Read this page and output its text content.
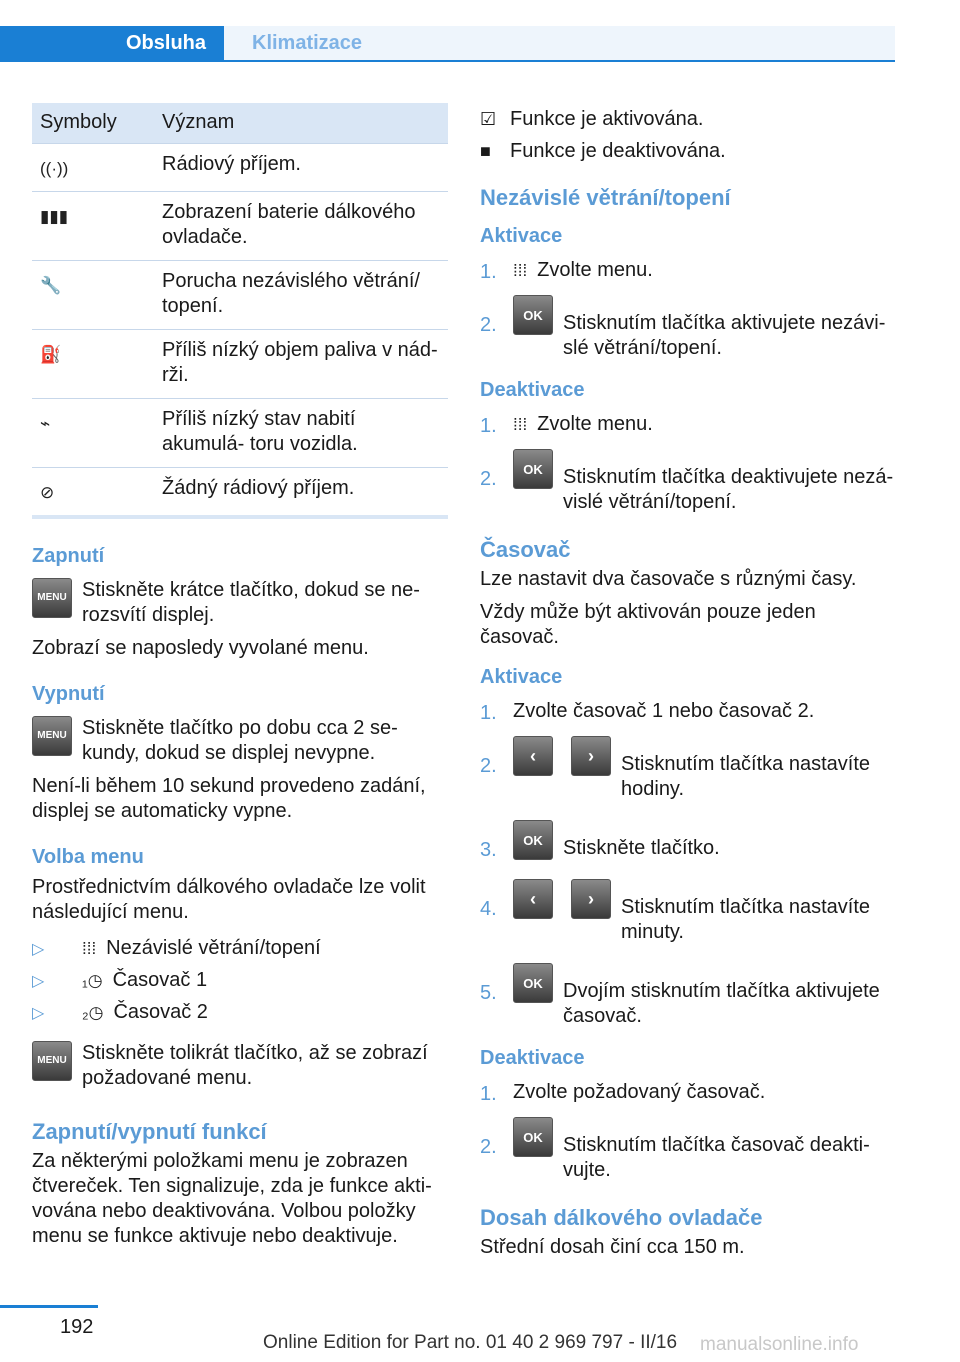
Obsluha	Klimatizace
Symboly	Význam
((·))	Rádiový příjem.
▮▮▮	Zobrazení baterie dálkového ovladače.
🔧	Porucha nezávislého větrání/ topení.
⛽	Příliš nízký objem paliva v nád- rži.
⌁	Příliš nízký stav nabití akumulá- toru vozidla.
⊘	Žádný rádiový příjem.
Zapnutí
MENU Stiskněte krátce tlačítko, dokud se ne- rozsvítí displej.

Zobrazí se naposledy vyvolané menu.

Vypnutí
MENU Stiskněte tlačítko po dobu cca 2 se- kundy, dokud se displej nevypne.

Není-li během 10 sekund provedeno zadání, displej se automaticky vypne.

Volba menu

Prostřednictvím dálkového ovladače lze volit následující menu.

▷	⁞⁞⁞ Nezávislé větrání/topení
▷	₁◷ Časovač 1
▷	₂◷ Časovač 2
MENU Stiskněte tolikrát tlačítko, až se zobrazí požadované menu.
Zapnutí/vypnutí funkcí

Za některými položkami menu je zobrazen čtvereček. Ten signalizuje, zda je funkce akti- vována nebo deaktivována. Volbou položky menu se funkce aktivuje nebo deaktivuje.

☑ Funkce je aktivována.
■ Funkce je deaktivována.
Nezávislé větrání/topení
Aktivace
1. ⁞⁞⁞ Zvolte menu.
2.	OK	Stisknutím tlačítka aktivujete nezávi- slé větrání/topení.
Deaktivace
1. ⁞⁞⁞ Zvolte menu.
2.	OK	Stisknutím tlačítka deaktivujete nezá- vislé větrání/topení.
Časovač

Lze nastavit dva časovače s různými časy.

Vždy může být aktivován pouze jeden časovač.

Aktivace
1. Zvolte časovač 1 nebo časovač 2.
2.	‹	›	Stisknutím tlačítka nastavíte hodiny.
3.	OK	Stiskněte tlačítko.
4.	‹	›	Stisknutím tlačítka nastavíte minuty.
5.	OK	Dvojím stisknutím tlačítka aktivujete časovač.
Deaktivace
1. Zvolte požadovaný časovač.
2.	OK	Stisknutím tlačítka časovač deakti- vujte.
Dosah dálkového ovladače

Střední dosah činí cca 150 m.

192
Online Edition for Part no. 01 40 2 969 797 - II/16 manualsonline.info
